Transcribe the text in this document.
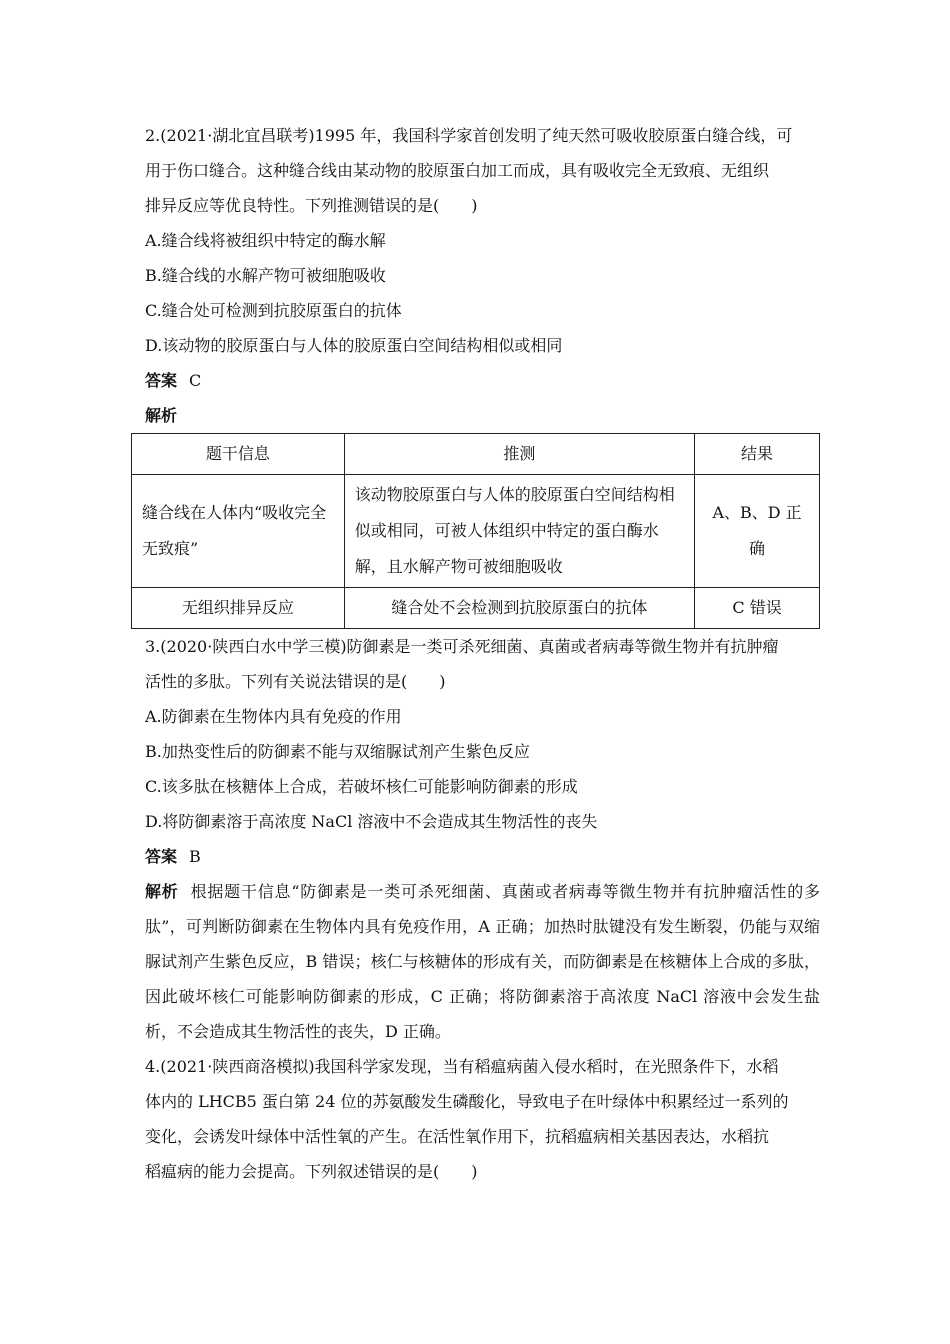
2.(2021·湖北宜昌联考)1995 年，我国科学家首创发明了纯天然可吸收胶原蛋白缝合线，可
用于伤口缝合。这种缝合线由某动物的胶原蛋白加工而成，具有吸收完全无致痕、无组织
排异反应等优良特性。下列推测错误的是(　　)
A.缝合线将被组织中特定的酶水解
B.缝合线的水解产物可被细胞吸收
C.缝合处可检测到抗胶原蛋白的抗体
D.该动物的胶原蛋白与人体的胶原蛋白空间结构相似或相同
答案 C
解析
题干信息	推测	结果
缝合线在人体内“吸收完全无致痕”	该动物胶原蛋白与人体的胶原蛋白空间结构相似或相同，可被人体组织中特定的蛋白酶水解，且水解产物可被细胞吸收	A、B、D 正确
无组织排异反应	缝合处不会检测到抗胶原蛋白的抗体	C 错误
3.(2020·陕西白水中学三模)防御素是一类可杀死细菌、真菌或者病毒等微生物并有抗肿瘤
活性的多肽。下列有关说法错误的是(　　)
A.防御素在生物体内具有免疫的作用
B.加热变性后的防御素不能与双缩脲试剂产生紫色反应
C.该多肽在核糖体上合成，若破坏核仁可能影响防御素的形成
D.将防御素溶于高浓度 NaCl 溶液中不会造成其生物活性的丧失
答案 B
解析 根据题干信息“防御素是一类可杀死细菌、真菌或者病毒等微生物并有抗肿瘤活性的多肽”，可判断防御素在生物体内具有免疫作用，A 正确；加热时肽键没有发生断裂，仍能与双缩脲试剂产生紫色反应，B 错误；核仁与核糖体的形成有关，而防御素是在核糖体上合成的多肽，因此破坏核仁可能影响防御素的形成，C 正确；将防御素溶于高浓度 NaCl 溶液中会发生盐析，不会造成其生物活性的丧失，D 正确。
4.(2021·陕西商洛模拟)我国科学家发现，当有稻瘟病菌入侵水稻时，在光照条件下，水稻
体内的 LHCB5 蛋白第 24 位的苏氨酸发生磷酸化，导致电子在叶绿体中积累经过一系列的
变化，会诱发叶绿体中活性氧的产生。在活性氧作用下，抗稻瘟病相关基因表达，水稻抗
稻瘟病的能力会提高。下列叙述错误的是(　　)
